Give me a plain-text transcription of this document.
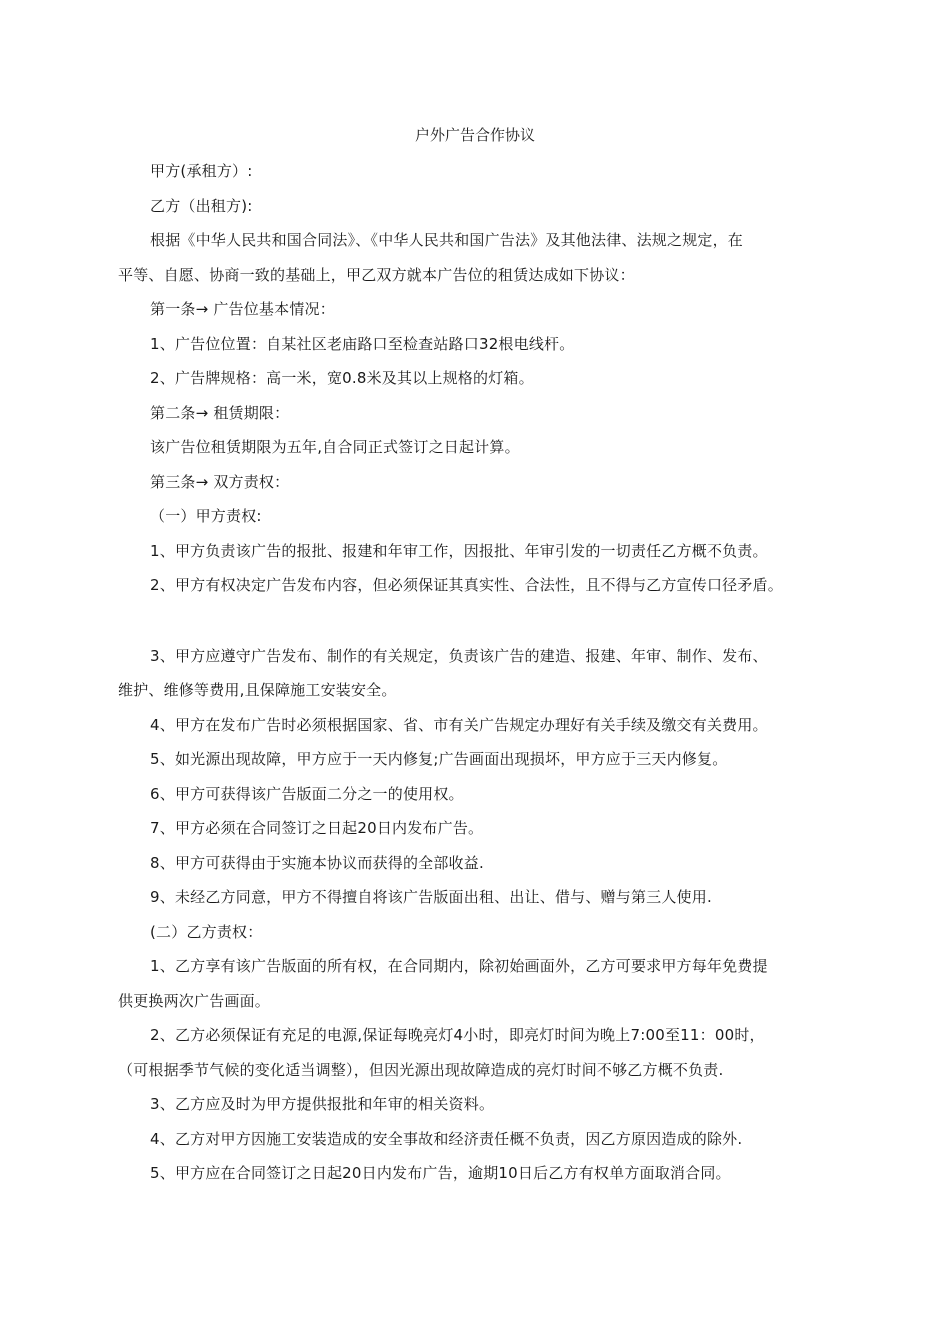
户外广告合作协议
甲方(承租方）:
乙方（出租方):
根据《中华人民共和国合同法》、《中华人民共和国广告法》及其他法律、法规之规定，在
平等、自愿、协商一致的基础上，甲乙双方就本广告位的租赁达成如下协议：
第一条→ 广告位基本情况：
1、广告位位置：自某社区老庙路口至检查站路口32根电线杆。
2、广告牌规格：高一米，宽0.8米及其以上规格的灯箱。
第二条→ 租赁期限：
该广告位租赁期限为五年,自合同正式签订之日起计算。
第三条→ 双方责权：
（一）甲方责权:
1、甲方负责该广告的报批、报建和年审工作，因报批、年审引发的一切责任乙方概不负责。
2、甲方有权决定广告发布内容，但必须保证其真实性、合法性，且不得与乙方宣传口径矛盾。
3、甲方应遵守广告发布、制作的有关规定，负责该广告的建造、报建、年审、制作、发布、
维护、维修等费用,且保障施工安装安全。
4、甲方在发布广告时必须根据国家、省、市有关广告规定办理好有关手续及缴交有关费用。
5、如光源出现故障，甲方应于一天内修复;广告画面出现损坏，甲方应于三天内修复。
6、甲方可获得该广告版面二分之一的使用权。
7、甲方必须在合同签订之日起20日内发布广告。
8、甲方可获得由于实施本协议而获得的全部收益.
9、未经乙方同意，甲方不得擅自将该广告版面出租、出让、借与、赠与第三人使用.
(二）乙方责权：
1、乙方享有该广告版面的所有权，在合同期内，除初始画面外，乙方可要求甲方每年免费提
供更换两次广告画面。
2、乙方必须保证有充足的电源,保证每晚亮灯4小时，即亮灯时间为晚上7:00至11：00时，
（可根据季节气候的变化适当调整），但因光源出现故障造成的亮灯时间不够乙方概不负责.
3、乙方应及时为甲方提供报批和年审的相关资料。
4、乙方对甲方因施工安装造成的安全事故和经济责任概不负责，因乙方原因造成的除外.
5、甲方应在合同签订之日起20日内发布广告，逾期10日后乙方有权单方面取消合同。
